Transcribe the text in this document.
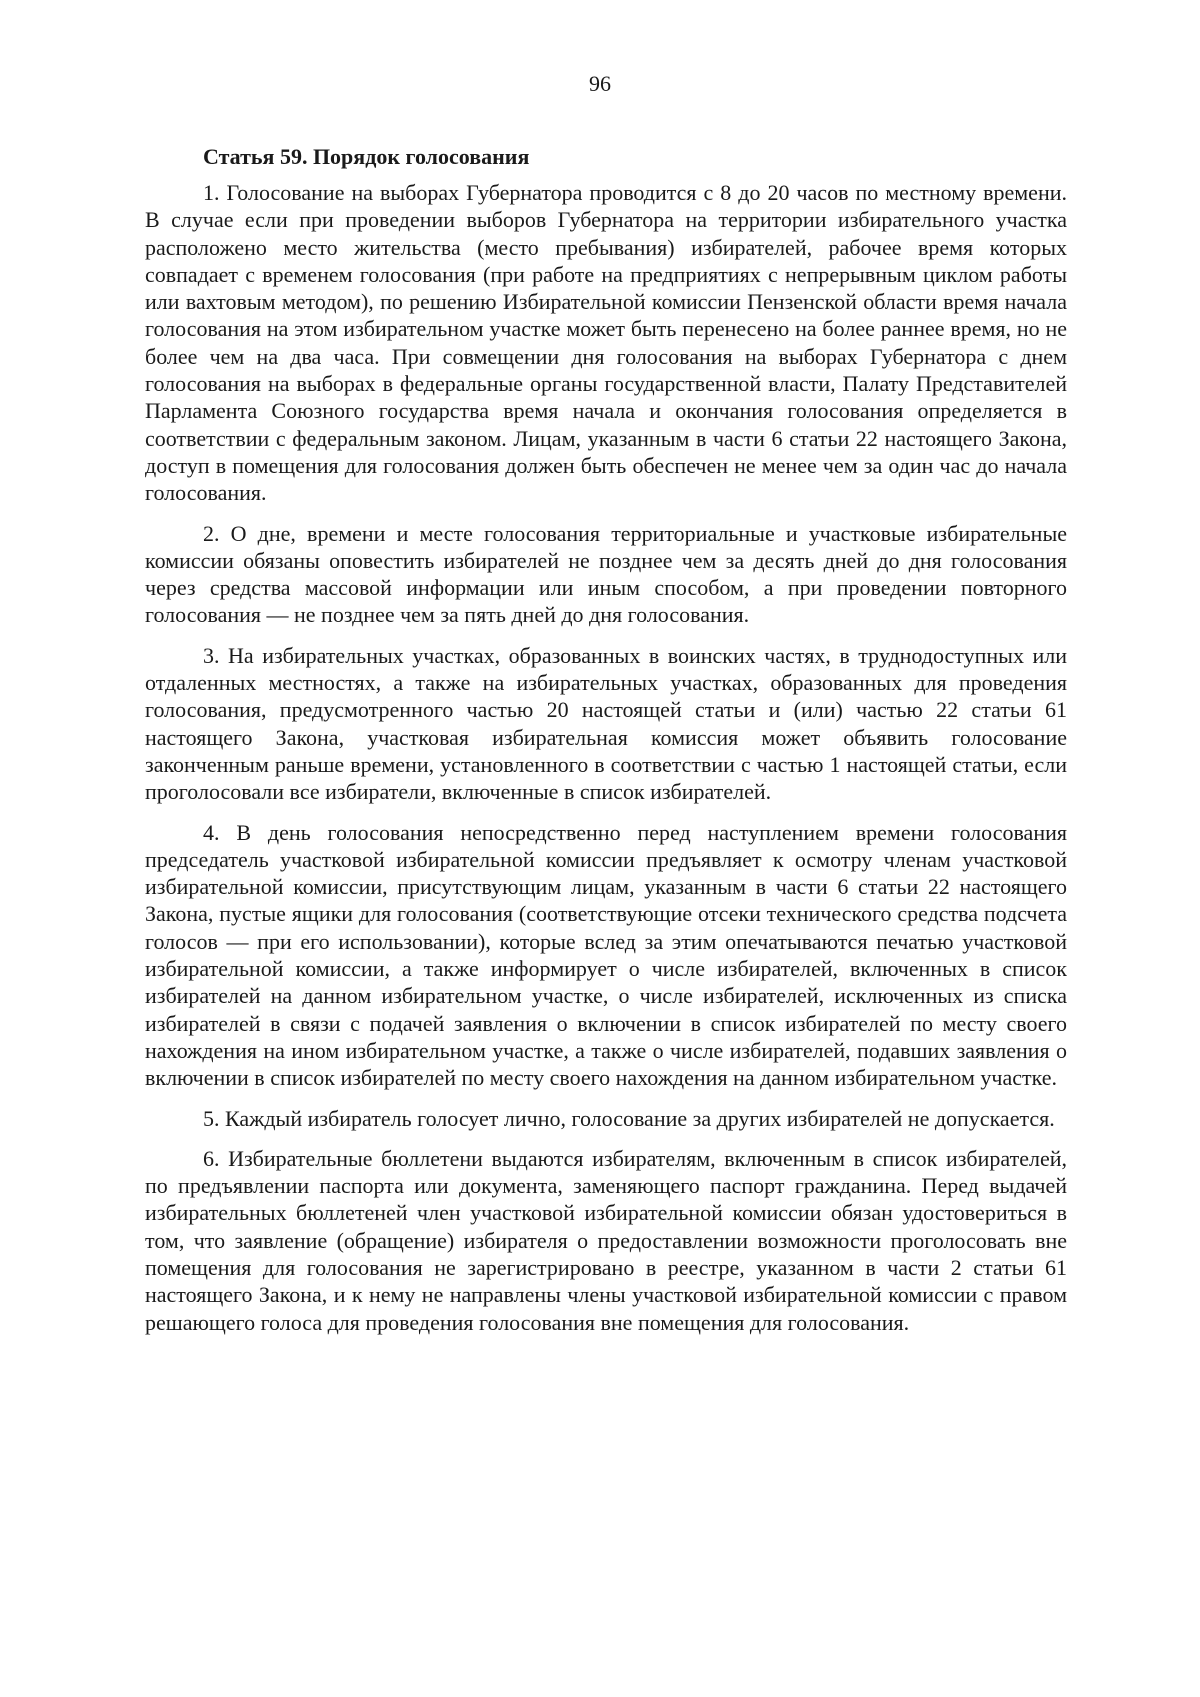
96
Статья 59. Порядок голосования

1. Голосование на выборах Губернатора проводится с 8 до 20 часов по местному времени. В случае если при проведении выборов Губернатора на территории избирательного участка расположено место жительства (место пребывания) избирателей, рабочее время которых совпадает с временем голосования (при работе на предприятиях с непрерывным циклом работы или вахтовым методом), по решению Избирательной комиссии Пензенской области время начала голосования на этом избирательном участке может быть перенесено на более раннее время, но не более чем на два часа. При совмещении дня голосования на выборах Губернатора с днем голосования на выборах в федеральные органы государственной власти, Палату Представителей Парламента Союзного государства время начала и окончания голосования определяется в соответствии с федеральным законом. Лицам, указанным в части 6 статьи 22 настоящего Закона, доступ в помещения для голосования должен быть обеспечен не менее чем за один час до начала голосования.

2. О дне, времени и месте голосования территориальные и участковые избирательные комиссии обязаны оповестить избирателей не позднее чем за десять дней до дня голосования через средства массовой информации или иным способом, а при проведении повторного голосования — не позднее чем за пять дней до дня голосования.

3. На избирательных участках, образованных в воинских частях, в труднодоступных или отдаленных местностях, а также на избирательных участках, образованных для проведения голосования, предусмотренного частью 20 настоящей статьи и (или) частью 22 статьи 61 настоящего Закона, участковая избирательная комиссия может объявить голосование законченным раньше времени, установленного в соответствии с частью 1 настоящей статьи, если проголосовали все избиратели, включенные в список избирателей.

4. В день голосования непосредственно перед наступлением времени голосования председатель участковой избирательной комиссии предъявляет к осмотру членам участковой избирательной комиссии, присутствующим лицам, указанным в части 6 статьи 22 настоящего Закона, пустые ящики для голосования (соответствующие отсеки технического средства подсчета голосов — при его использовании), которые вслед за этим опечатываются печатью участковой избирательной комиссии, а также информирует о числе избирателей, включенных в список избирателей на данном избирательном участке, о числе избирателей, исключенных из списка избирателей в связи с подачей заявления о включении в список избирателей по месту своего нахождения на ином избирательном участке, а также о числе избирателей, подавших заявления о включении в список избирателей по месту своего нахождения на данном избирательном участке.

5. Каждый избиратель голосует лично, голосование за других избирателей не допускается.

6. Избирательные бюллетени выдаются избирателям, включенным в список избирателей, по предъявлении паспорта или документа, заменяющего паспорт гражданина. Перед выдачей избирательных бюллетеней член участковой избирательной комиссии обязан удостовериться в том, что заявление (обращение) избирателя о предоставлении возможности проголосовать вне помещения для голосования не зарегистрировано в реестре, указанном в части 2 статьи 61 настоящего Закона, и к нему не направлены члены участковой избирательной комиссии с правом решающего голоса для проведения голосования вне помещения для голосования.
